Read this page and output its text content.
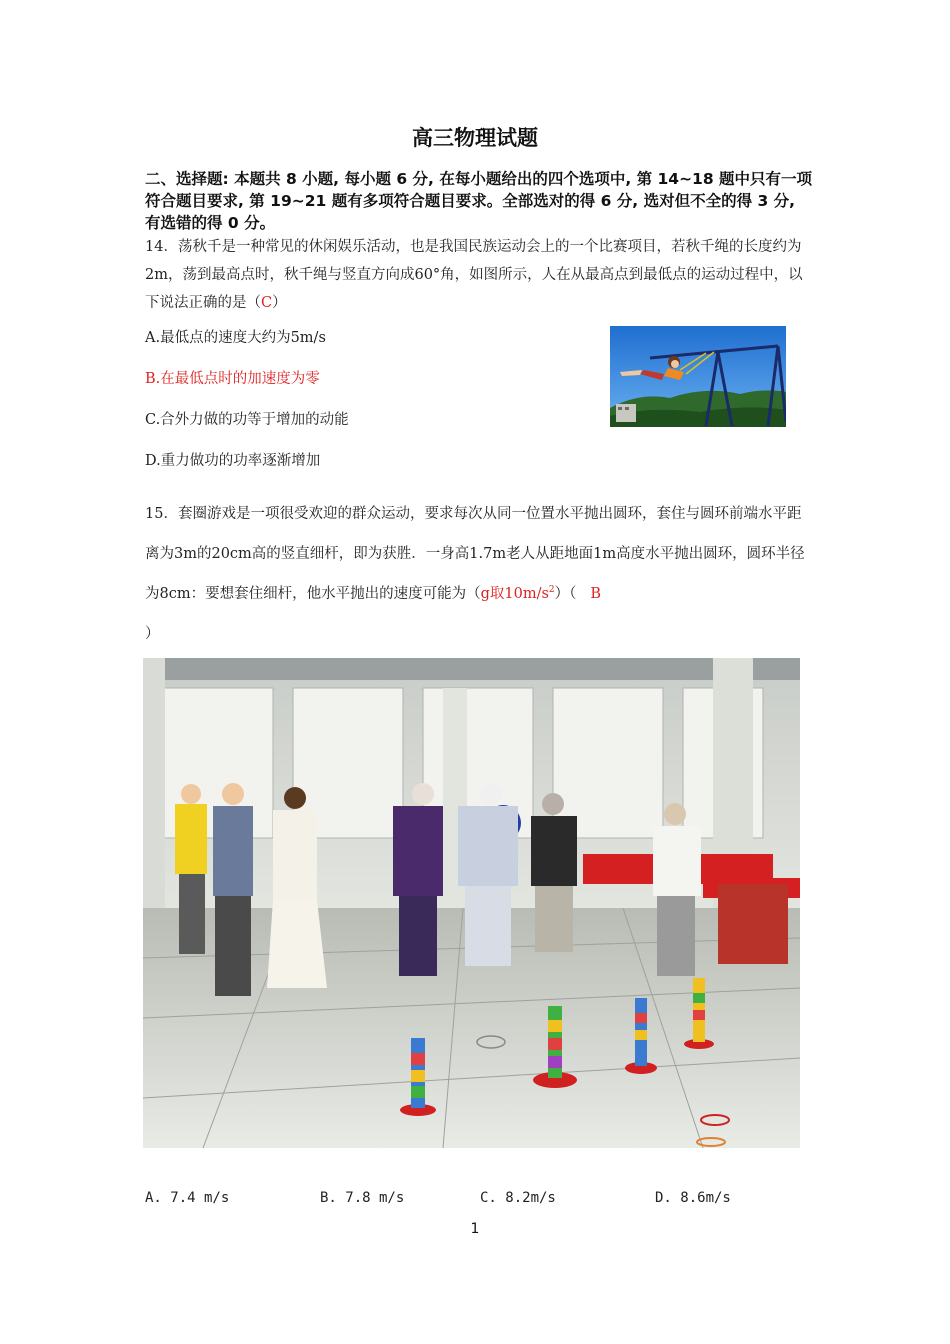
高三物理试题
二、选择题: 本题共 8 小题, 每小题 6 分, 在每小题给出的四个选项中, 第 14~18 题中只有一项符合题目要求, 第 19~21 题有多项符合题目要求。全部选对的得 6 分, 选对但不全的得 3 分, 有选错的得 0 分。
14．荡秋千是一种常见的休闲娱乐活动，也是我国民族运动会上的一个比赛项目，若秋千绳的长度约为2m，荡到最高点时，秋千绳与竖直方向成60°角，如图所示，人在从最高点到最低点的运动过程中，以下说法正确的是（C）
A.最低点的速度大约为5m/s
B.在最低点时的加速度为零
C.合外力做的功等于增加的动能
D.重力做功的功率逐渐增加
15．套圈游戏是一项很受欢迎的群众运动，要求每次从同一位置水平抛出圆环，套住与圆环前端水平距离为3m的20cm高的竖直细杆，即为获胜．一身高1.7m老人从距地面1m高度水平抛出圆环，圆环半径为8cm：要想套住细杆，他水平抛出的速度可能为（g取$10m/s^2$）（ B
）
A. 7.4 m/s	B. 7.8 m/s	C. 8.2m/s	D. 8.6m/s
1
